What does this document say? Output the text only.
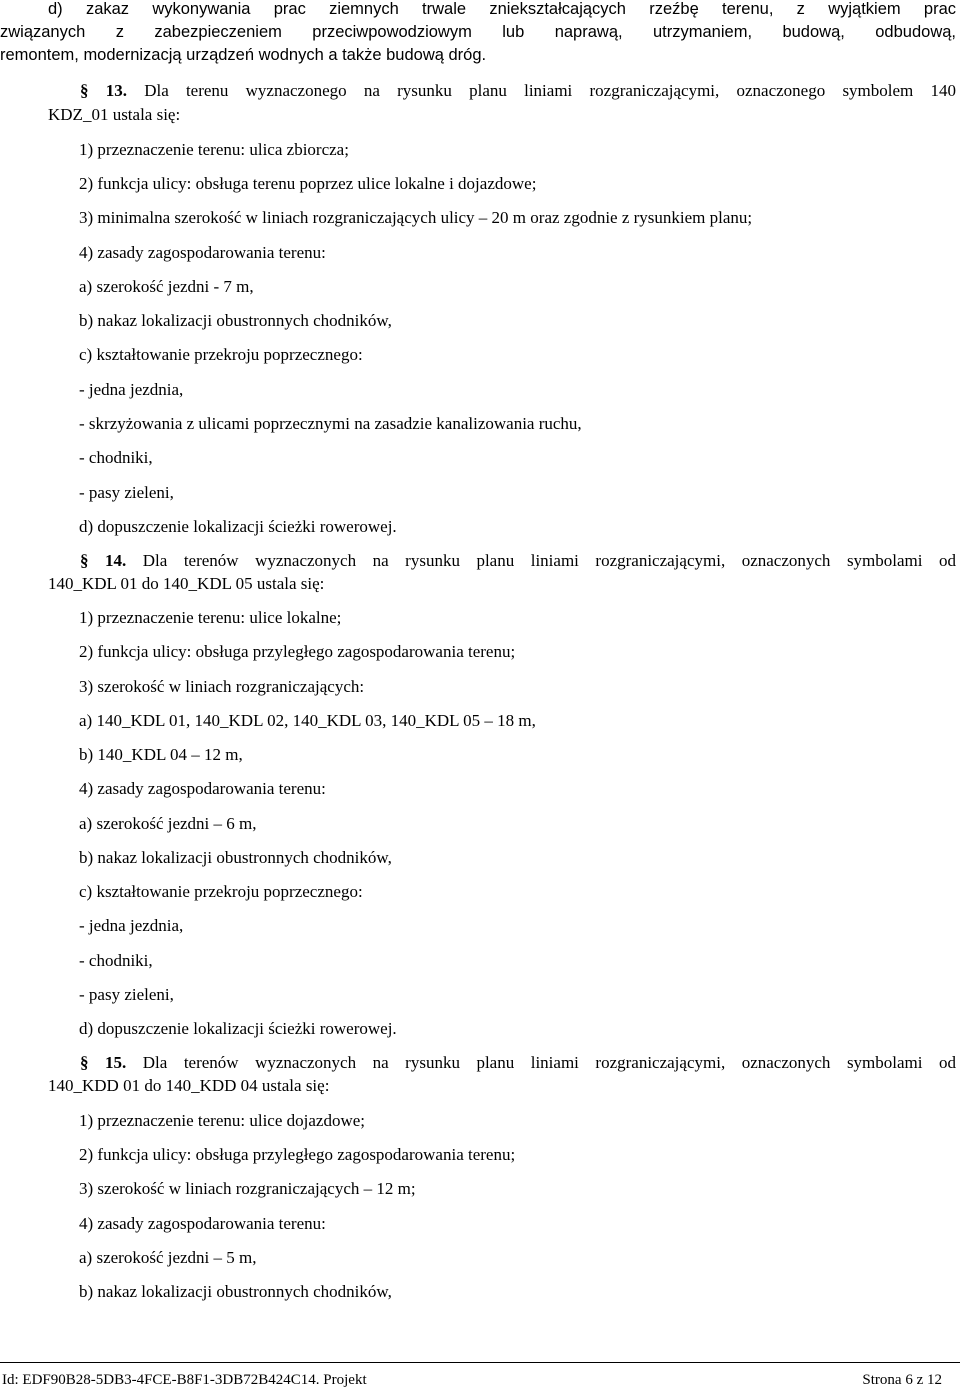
d) zakaz wykonywania prac ziemnych trwale zniekształcających rzeźbę terenu, z wyjątkiem prac
związanych z zabezpieczeniem przeciwpowodziowym lub naprawą, utrzymaniem, budową, odbudową,
remontem, modernizacją urządzeń wodnych a także budową dróg.
§ 13. Dla terenu wyznaczonego na rysunku planu liniami rozgraniczającymi, oznaczonego symbolem 140
KDZ_01 ustala się:
1) przeznaczenie terenu: ulica zbiorcza;
2) funkcja ulicy: obsługa terenu poprzez ulice lokalne i dojazdowe;
3) minimalna szerokość w liniach rozgraniczających ulicy – 20 m oraz zgodnie z rysunkiem planu;
4) zasady zagospodarowania terenu:
a) szerokość jezdni - 7 m,
b) nakaz lokalizacji obustronnych chodników,
c) kształtowanie przekroju poprzecznego:
- jedna jezdnia,
- skrzyżowania z ulicami poprzecznymi na zasadzie kanalizowania ruchu,
- chodniki,
- pasy zieleni,
d) dopuszczenie lokalizacji ścieżki rowerowej.
§ 14. Dla terenów wyznaczonych na rysunku planu liniami rozgraniczającymi, oznaczonych symbolami od
140_KDL 01 do 140_KDL 05 ustala się:
1) przeznaczenie terenu: ulice lokalne;
2) funkcja ulicy: obsługa przyległego zagospodarowania terenu;
3) szerokość w liniach rozgraniczających:
a) 140_KDL 01, 140_KDL 02, 140_KDL 03, 140_KDL 05 – 18 m,
b) 140_KDL 04 – 12 m,
4) zasady zagospodarowania terenu:
a) szerokość jezdni – 6 m,
b) nakaz lokalizacji obustronnych chodników,
c) kształtowanie przekroju poprzecznego:
- jedna jezdnia,
- chodniki,
- pasy zieleni,
d) dopuszczenie lokalizacji ścieżki rowerowej.
§ 15. Dla terenów wyznaczonych na rysunku planu liniami rozgraniczającymi, oznaczonych symbolami od
140_KDD 01 do 140_KDD 04 ustala się:
1) przeznaczenie terenu: ulice dojazdowe;
2) funkcja ulicy: obsługa przyległego zagospodarowania terenu;
3) szerokość w liniach rozgraniczających – 12 m;
4) zasady zagospodarowania terenu:
a) szerokość jezdni – 5 m,
b) nakaz lokalizacji obustronnych chodników,
Id: EDF90B28-5DB3-4FCE-B8F1-3DB72B424C14. Projekt	Strona 6 z 12
